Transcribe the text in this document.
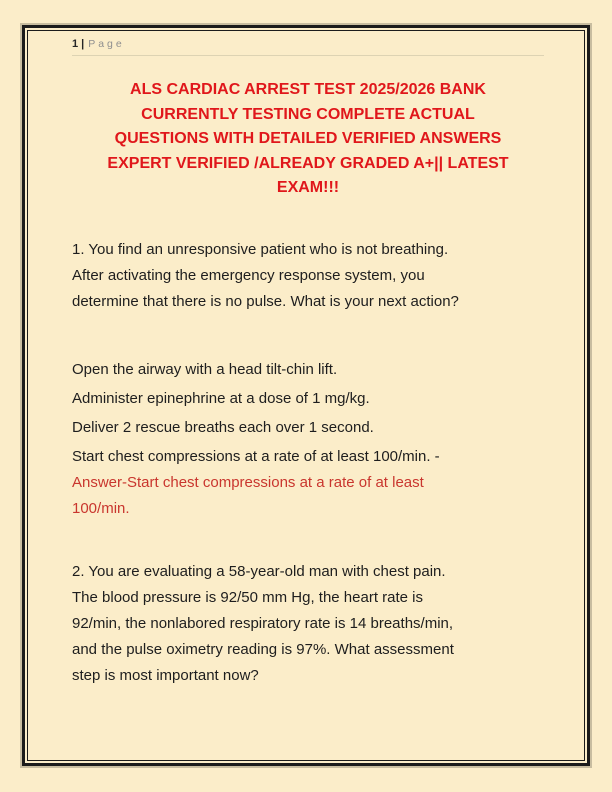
1 | Page
ALS CARDIAC ARREST TEST 2025/2026 BANK
CURRENTLY TESTING COMPLETE ACTUAL
QUESTIONS WITH DETAILED VERIFIED ANSWERS
EXPERT VERIFIED /ALREADY GRADED A+|| LATEST
EXAM!!!
1. You find an unresponsive patient who is not breathing.
After activating the emergency response system, you
determine that there is no pulse. What is your next action?
Open the airway with a head tilt-chin lift.
Administer epinephrine at a dose of 1 mg/kg.
Deliver 2 rescue breaths each over 1 second.
Start chest compressions at a rate of at least 100/min. -
Answer-Start chest compressions at a rate of at least
100/min.
2. You are evaluating a 58-year-old man with chest pain.
The blood pressure is 92/50 mm Hg, the heart rate is
92/min, the nonlabored respiratory rate is 14 breaths/min,
and the pulse oximetry reading is 97%. What assessment
step is most important now?
